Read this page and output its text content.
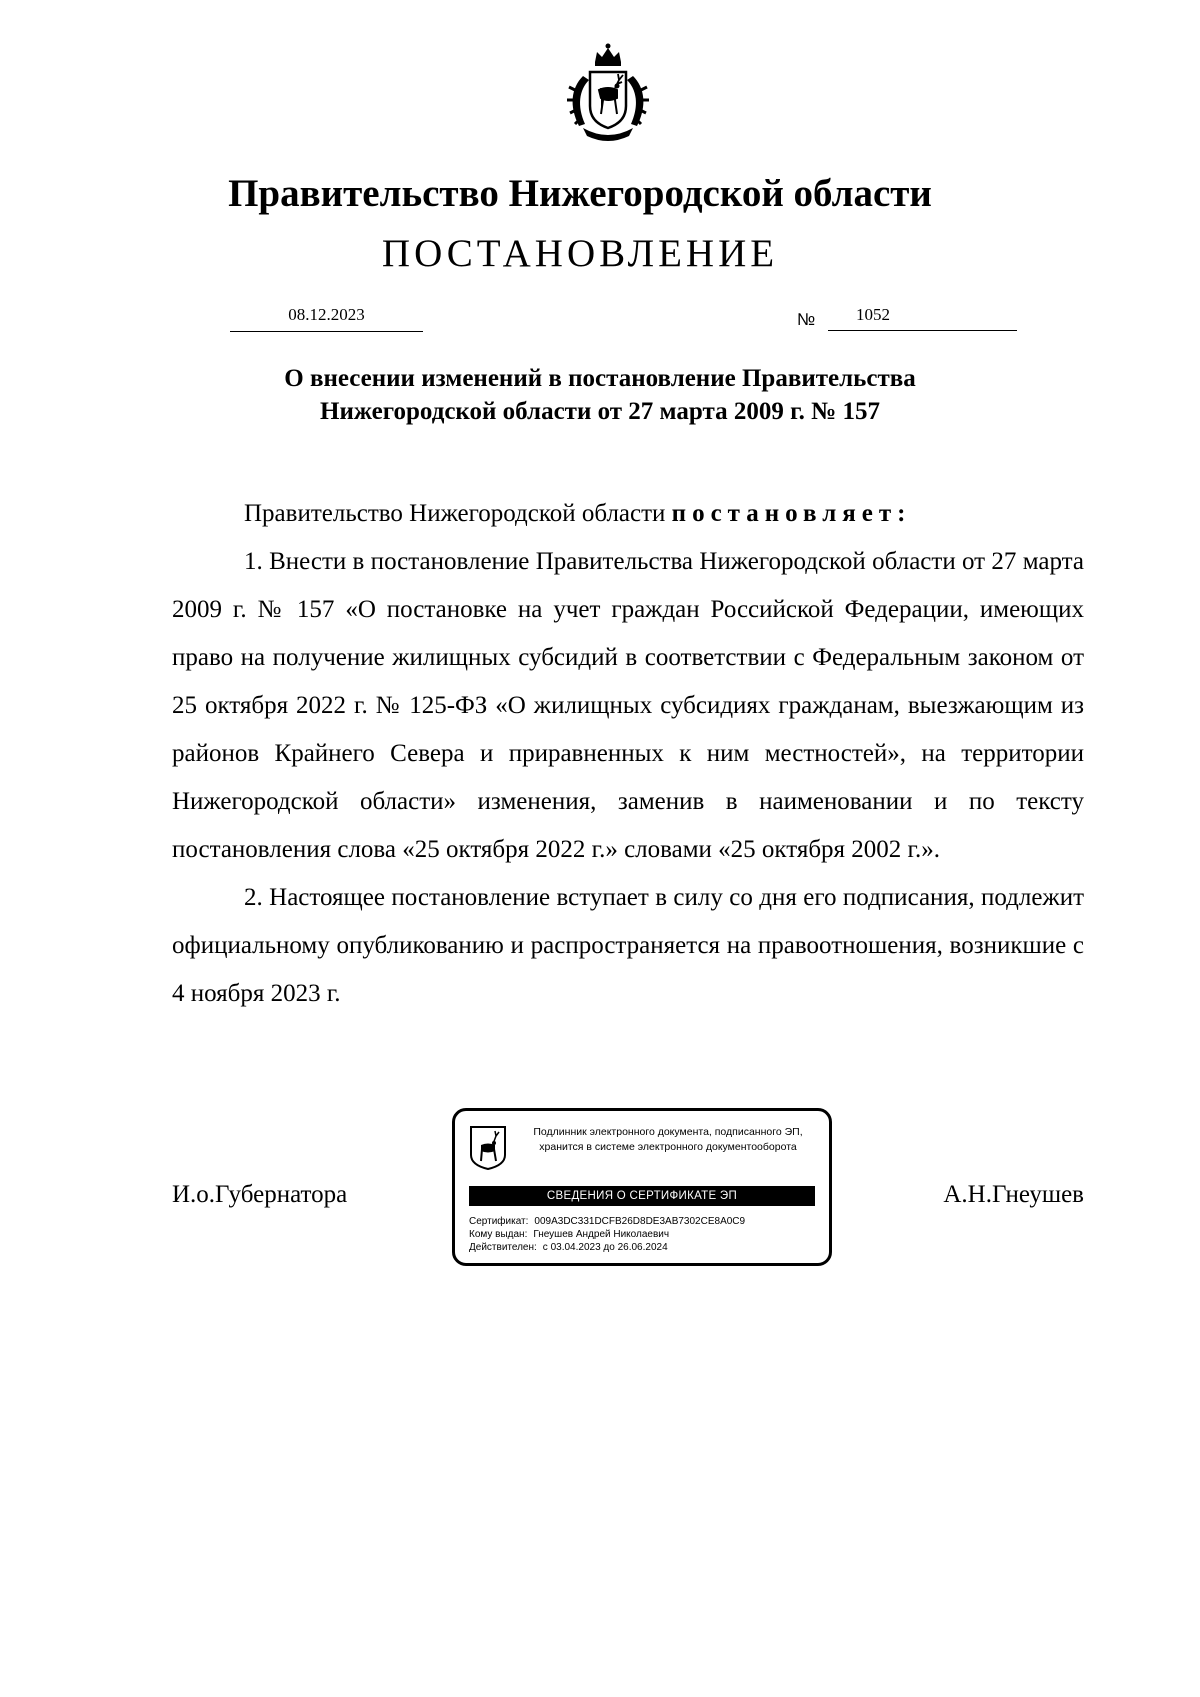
Правительство Нижегородской области
ПОСТАНОВЛЕНИЕ
08.12.2023	№	1052
О внесении изменений в постановление Правительства
Нижегородской области от 27 марта 2009 г. № 157

Правительство Нижегородской области постановляет:

1. Внести в постановление Правительства Нижегородской области от 27 марта 2009 г. № 157 «О постановке на учет граждан Российской Федерации, имеющих право на получение жилищных субсидий в соответствии с Федеральным законом от 25 октября 2022 г. № 125-ФЗ «О жилищных субсидиях гражданам, выезжающим из районов Крайнего Севера и приравненных к ним местностей», на территории Нижегородской области» изменения, заменив в наименовании и по тексту постановления слова «25 октября 2022 г.» словами «25 октября 2002 г.».

2. Настоящее постановление вступает в силу со дня его подписания, подлежит официальному опубликованию и распространяется на правоотношения, возникшие с 4 ноября 2023 г.

И.о.Губернатора	А.Н.Гнеушев
Подлинник электронного документа, подписанного ЭП,
хранится в системе электронного документооборота
СВЕДЕНИЯ О СЕРТИФИКАТЕ ЭП
Сертификат: 009A3DC331DCFB26D8DE3AB7302CE8A0C9
Кому выдан: Гнеушев Андрей Николаевич
Действителен: с 03.04.2023 до 26.06.2024
